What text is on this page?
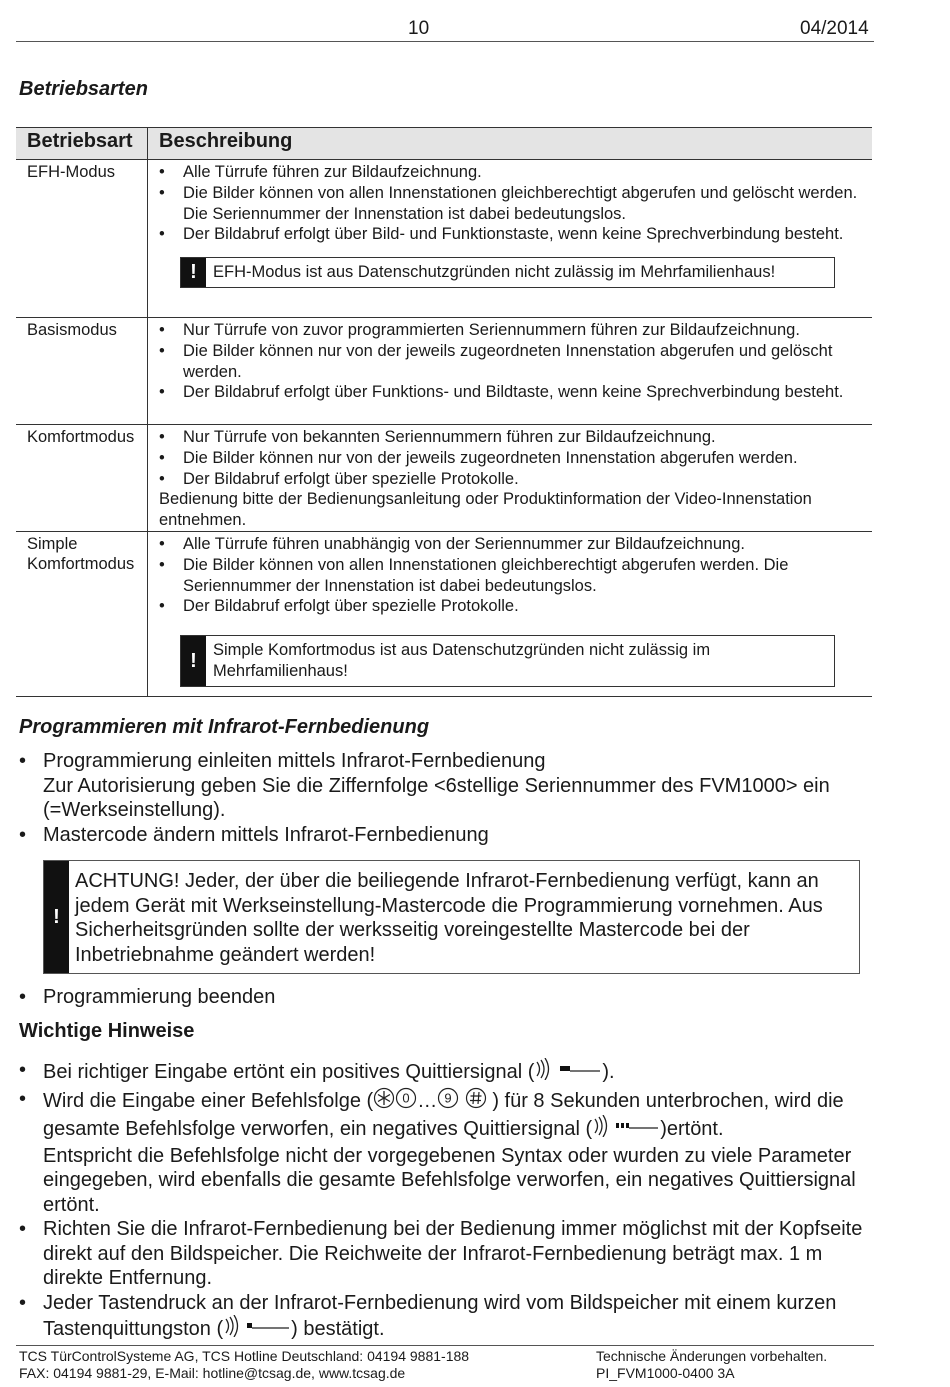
10	04/2014
Betriebsarten
Betriebsart Beschreibung
EFH-Modus	•	Alle Türrufe führen zur Bildaufzeichnung.
•	Die Bilder können von allen Innenstationen gleichberechtigt abgerufen und gelöscht werden. Die Seriennummer der Innenstation ist dabei bedeutungslos.
•	Der Bildabruf erfolgt über Bild- und Funktionstaste, wenn keine Sprechverbindung besteht.
! EFH-Modus ist aus Datenschutzgründen nicht zulässig im Mehrfamilienhaus!
Basismodus	•	Nur Türrufe von zuvor programmierten Seriennummern führen zur Bildaufzeichnung.
•	Die Bilder können nur von der jeweils zugeordneten Innenstation abgerufen und gelöscht werden.
•	Der Bildabruf erfolgt über Funktions- und Bildtaste, wenn keine Sprechverbindung besteht.
Komfortmodus •	Nur Türrufe von bekannten Seriennummern führen zur Bildaufzeichnung.
•	Die Bilder können nur von der jeweils zugeordneten Innenstation abgerufen werden.
•	Der Bildabruf erfolgt über spezielle Protokolle.
Bedienung bitte der Bedienungsanleitung oder Produktinformation der Video-Innenstation entnehmen.
Simple Komfortmodus
•	Alle Türrufe führen unabhängig von der Seriennummer zur Bildaufzeichnung.
•	Die Bilder können von allen Innenstationen gleichberechtigt abgerufen werden. Die Seriennummer der Innenstation ist dabei bedeutungslos.
•	Der Bildabruf erfolgt über spezielle Protokolle.
! Simple Komfortmodus ist aus Datenschutzgründen nicht zulässig im Mehrfamilienhaus!
Programmieren mit Infrarot-Fernbedienung
• Programmierung einleiten mittels Infrarot-Fernbedienung
Zur Autorisierung geben Sie die Ziffernfolge <6stellige Seriennummer des FVM1000> ein (=Werkseinstellung).
• Mastercode ändern mittels Infrarot-Fernbedienung
!
ACHTUNG! Jeder, der über die beiliegende Infrarot-Fernbedienung verfügt, kann an jedem Gerät mit Werkseinstellung-Mastercode die Programmierung vornehmen. Aus Sicherheitsgründen sollte der werksseitig voreingestellte Mastercode bei der Inbetriebnahme geändert werden!
• Programmierung beenden
Wichtige Hinweise
• Bei richtiger Eingabe ertönt ein positives Quittiersignal (	).
• Wird die Eingabe einer Befehlsfolge ( 0 … 9 ) für 8 Sekunden unterbrochen, wird die gesamte Befehlsfolge verworfen, ein negatives Quittiersignal (	)ertönt.
Entspricht die Befehlsfolge nicht der vorgegebenen Syntax oder wurden zu viele Parameter eingegeben, wird ebenfalls die gesamte Befehlsfolge verworfen, ein negatives Quittiersignal ertönt.
• Richten Sie die Infrarot-Fernbedienung bei der Bedienung immer möglichst mit der Kopfseite direkt auf den Bildspeicher. Die Reichweite der Infrarot-Fernbedienung beträgt max. 1 m direkte Entfernung.
• Jeder Tastendruck an der Infrarot-Fernbedienung wird vom Bildspeicher mit einem kurzen Tastenquittungston (	) bestätigt.
TCS TürControlSysteme AG, TCS Hotline Deutschland: 04194 9881-188
FAX: 04194 9881-29, E-Mail: hotline@tcsag.de, www.tcsag.de
Technische Änderungen vorbehalten.
PI_FVM1000-0400 3A
